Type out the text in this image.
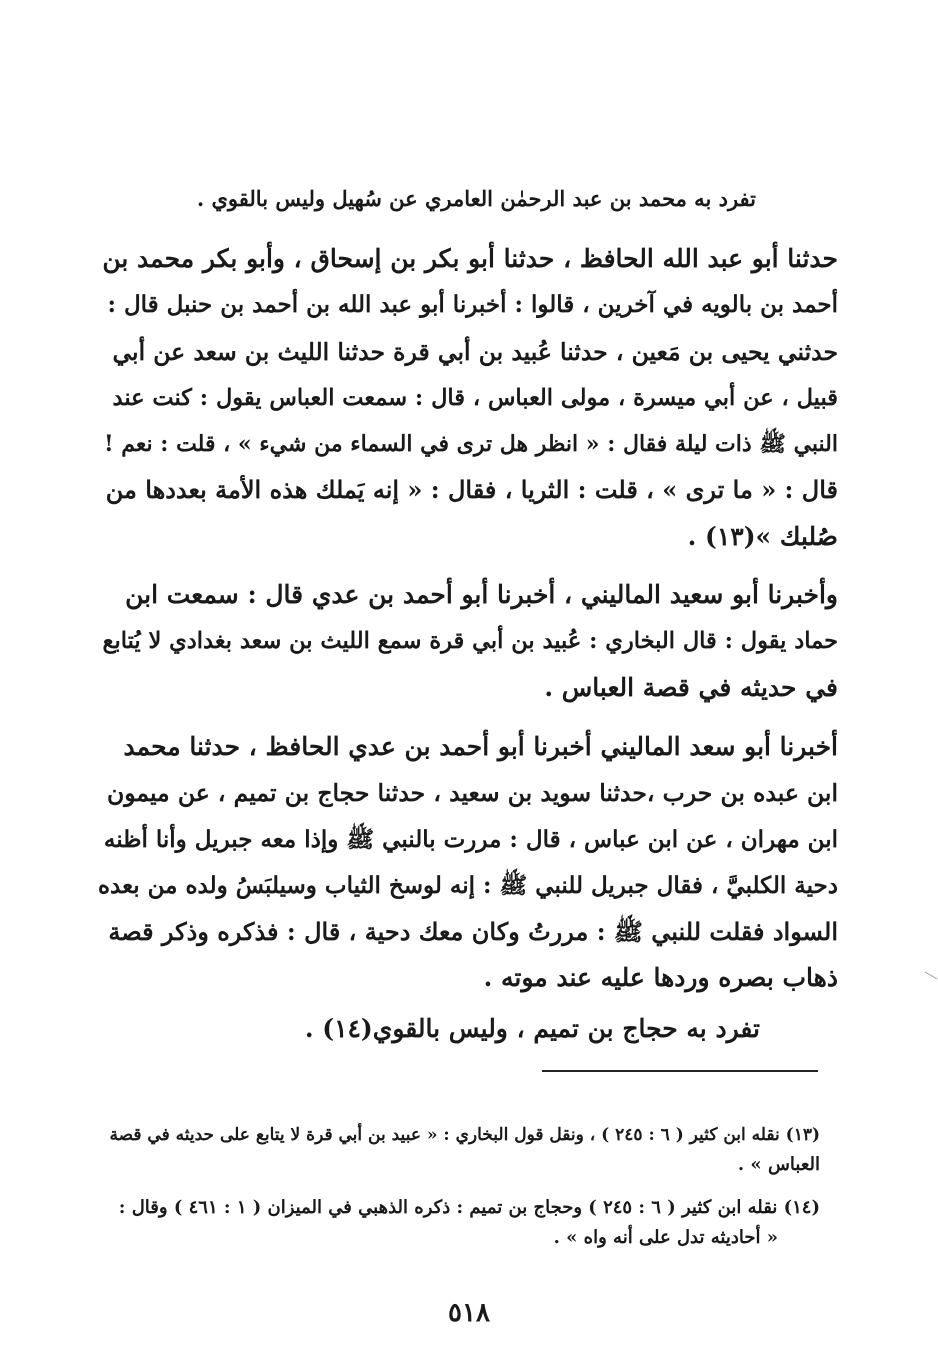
تفرد به محمد بن عبد الرحمٰن العامري عن سُهيل وليس بالقوي .

حدثنا أبو عبد الله الحافظ ، حدثنا أبو بكر بن إسحاق ، وأبو بكر محمد بن
أحمد بن بالويه في آخرين ، قالوا : أخبرنا أبو عبد الله بن أحمد بن حنبل قال :
حدثني يحيى بن مَعين ، حدثنا عُبيد بن أبي قرة حدثنا الليث بن سعد عن أبي
قبيل ، عن أبي ميسرة ، مولى العباس ، قال : سمعت العباس يقول : كنت عند
النبي ﷺ ذات ليلة فقال : « انظر هل ترى في السماء من شيء » ، قلت : نعم !
قال : « ما ترى » ، قلت : الثريا ، فقال : « إنه يَملك هذه الأمة بعددها من
صُلبك »(١٣) .

وأخبرنا أبو سعيد الماليني ، أخبرنا أبو أحمد بن عدي قال : سمعت ابن
حماد يقول : قال البخاري : عُبيد بن أبي قرة سمع الليث بن سعد بغدادي لا يُتابع
في حديثه في قصة العباس .

أخبرنا أبو سعد الماليني أخبرنا أبو أحمد بن عدي الحافظ ، حدثنا محمد
ابن عبده بن حرب ،حدثنا سويد بن سعيد ، حدثنا حجاج بن تميم ، عن ميمون
ابن مهران ، عن ابن عباس ، قال : مررت بالنبي ﷺ وإذا معه جبريل وأنا أظنه
دحية الكلبيَّ ، فقال جبريل للنبي ﷺ : إنه لوسخ الثياب وسيلبَسُ ولده من بعده
السواد فقلت للنبي ﷺ : مررتُ وكان معك دحية ، قال : فذكره وذكر قصة
ذهاب بصره وردها عليه عند موته .

تفرد به حجاج بن تميم ، وليس بالقوي(١٤) .

(١٣) نقله ابن كثير ( ٦ : ٢٤٥ ) ، ونقل قول البخاري : « عبيد بن أبي قرة لا يتابع على حديثه في قصة
العباس » .

(١٤) نقله ابن كثير ( ٦ : ٢٤٥ ) وحجاج بن تميم : ذكره الذهبي في الميزان ( ١ : ٤٦١ ) وقال :
« أحاديثه تدل على أنه واه » .

٥١٨
